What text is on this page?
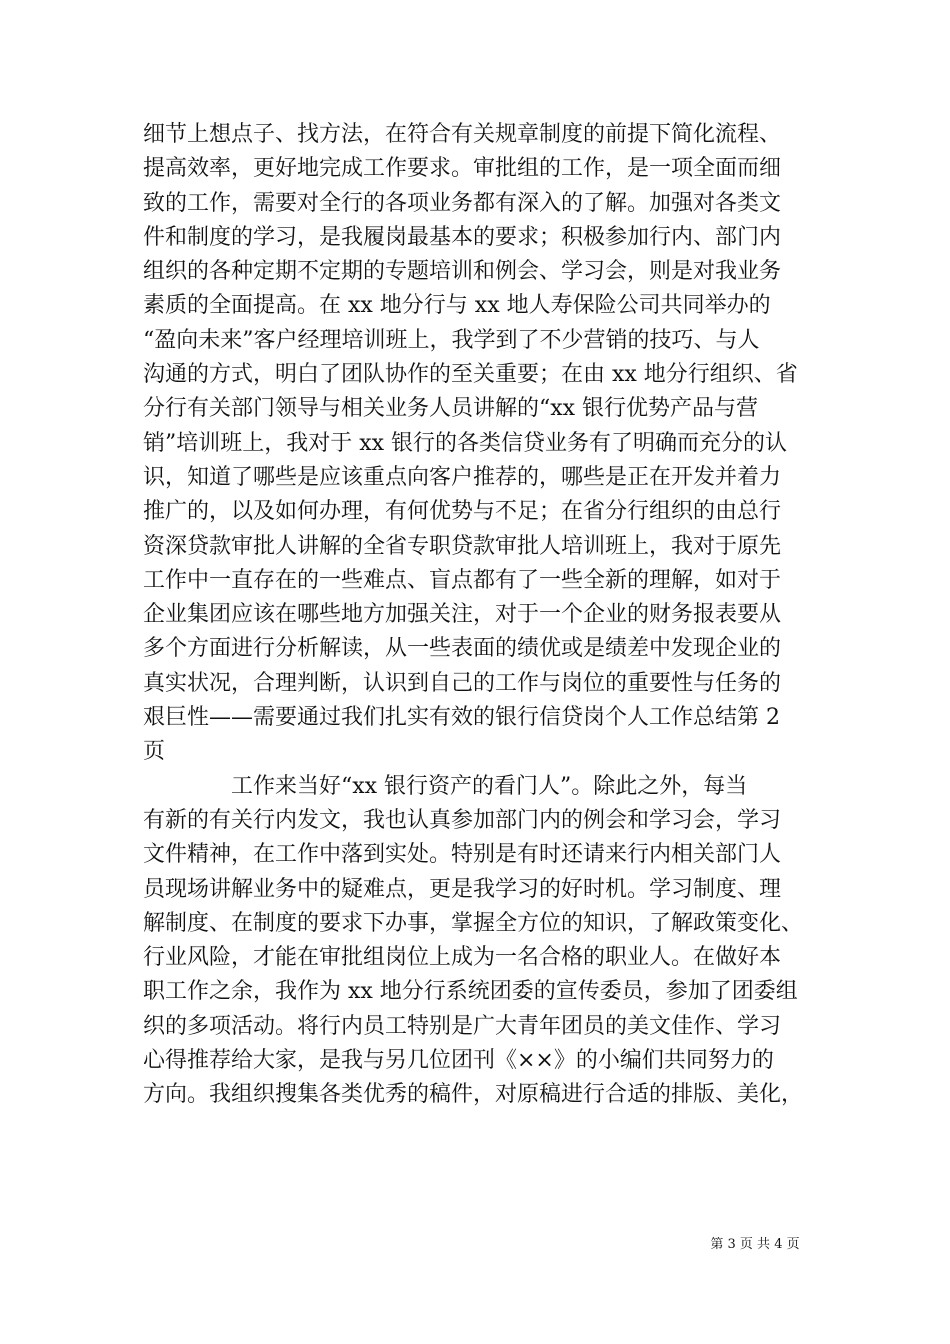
细节上想点子、找方法，在符合有关规章制度的前提下简化流程、
提高效率，更好地完成工作要求。审批组的工作，是一项全面而细
致的工作，需要对全行的各项业务都有深入的了解。加强对各类文
件和制度的学习，是我履岗最基本的要求；积极参加行内、部门内
组织的各种定期不定期的专题培训和例会、学习会，则是对我业务
素质的全面提高。在 xx 地分行与 xx 地人寿保险公司共同举办的
“盈向未来”客户经理培训班上，我学到了不少营销的技巧、与人
沟通的方式，明白了团队协作的至关重要；在由 xx 地分行组织、省
分行有关部门领导与相关业务人员讲解的“xx 银行优势产品与营
销”培训班上，我对于 xx 银行的各类信贷业务有了明确而充分的认
识，知道了哪些是应该重点向客户推荐的，哪些是正在开发并着力
推广的，以及如何办理，有何优势与不足；在省分行组织的由总行
资深贷款审批人讲解的全省专职贷款审批人培训班上，我对于原先
工作中一直存在的一些难点、盲点都有了一些全新的理解，如对于
企业集团应该在哪些地方加强关注，对于一个企业的财务报表要从
多个方面进行分析解读，从一些表面的绩优或是绩差中发现企业的
真实状况，合理判断，认识到自己的工作与岗位的重要性与任务的
艰巨性——需要通过我们扎实有效的银行信贷岗个人工作总结第 2
页
工作来当好“xx 银行资产的看门人”。除此之外，每当
有新的有关行内发文，我也认真参加部门内的例会和学习会，学习
文件精神，在工作中落到实处。特别是有时还请来行内相关部门人
员现场讲解业务中的疑难点，更是我学习的好时机。学习制度、理
解制度、在制度的要求下办事，掌握全方位的知识，了解政策变化、
行业风险，才能在审批组岗位上成为一名合格的职业人。在做好本
职工作之余，我作为 xx 地分行系统团委的宣传委员，参加了团委组
织的多项活动。将行内员工特别是广大青年团员的美文佳作、学习
心得推荐给大家，是我与另几位团刊《××》的小编们共同努力的
方向。我组织搜集各类优秀的稿件，对原稿进行合适的排版、美化，
第 3 页 共 4 页
